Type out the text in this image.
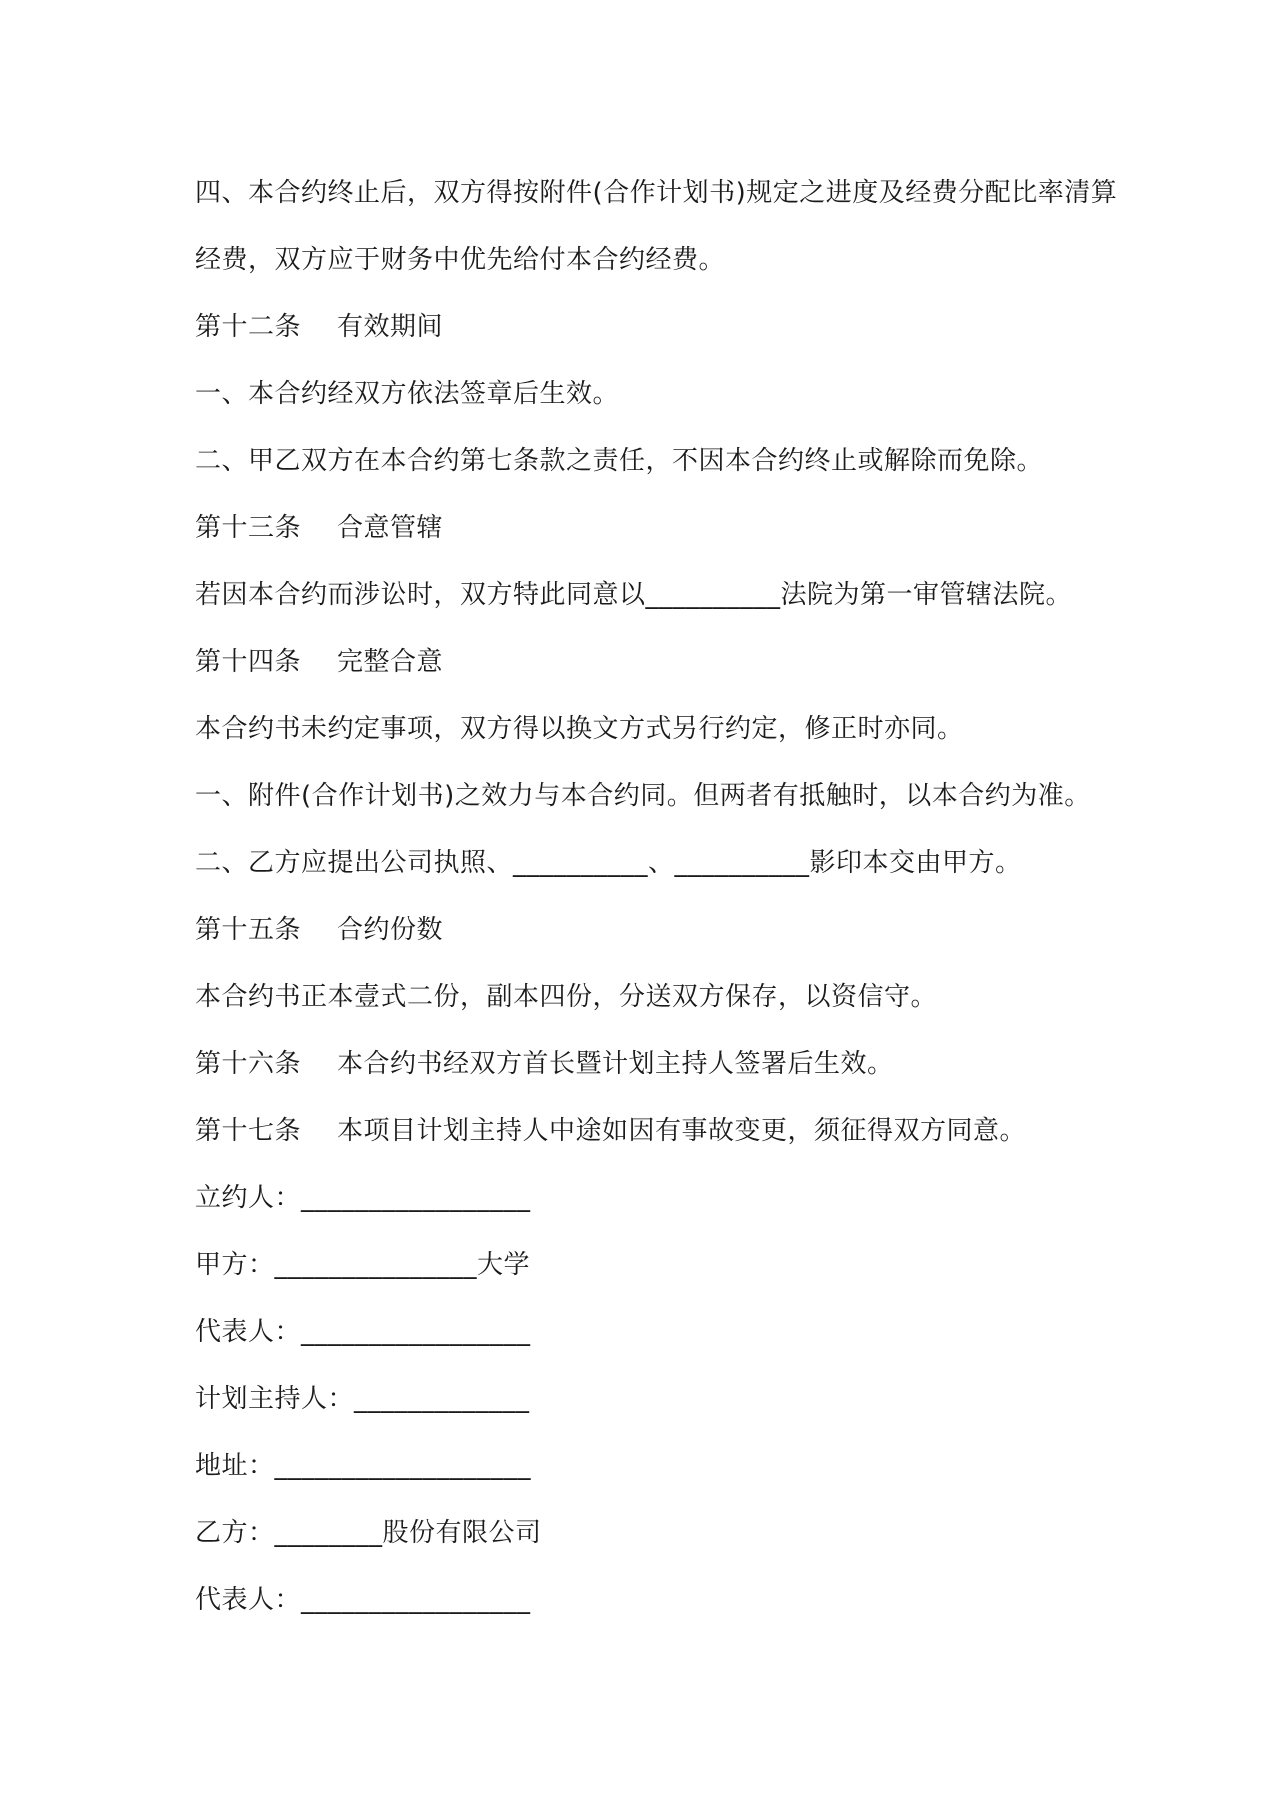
四、本合约终止后，双方得按附件(合作计划书)规定之进度及经费分配比率清算
经费，双方应于财务中优先给付本合约经费。
第十二条 有效期间
一、本合约经双方依法签章后生效。
二、甲乙双方在本合约第七条款之责任，不因本合约终止或解除而免除。
第十三条 合意管辖
若因本合约而涉讼时，双方特此同意以__________法院为第一审管辖法院。
第十四条 完整合意
本合约书未约定事项，双方得以换文方式另行约定，修正时亦同。
一、附件(合作计划书)之效力与本合约同。但两者有抵触时，以本合约为准。
二、乙方应提出公司执照、__________、__________影印本交由甲方。
第十五条 合约份数
本合约书正本壹式二份，副本四份，分送双方保存，以资信守。
第十六条 本合约书经双方首长暨计划主持人签署后生效。
第十七条 本项目计划主持人中途如因有事故变更，须征得双方同意。
立约人：_________________
甲方：_______________大学
代表人：_________________
计划主持人：_____________
地址：___________________
乙方：________股份有限公司
代表人：_________________
